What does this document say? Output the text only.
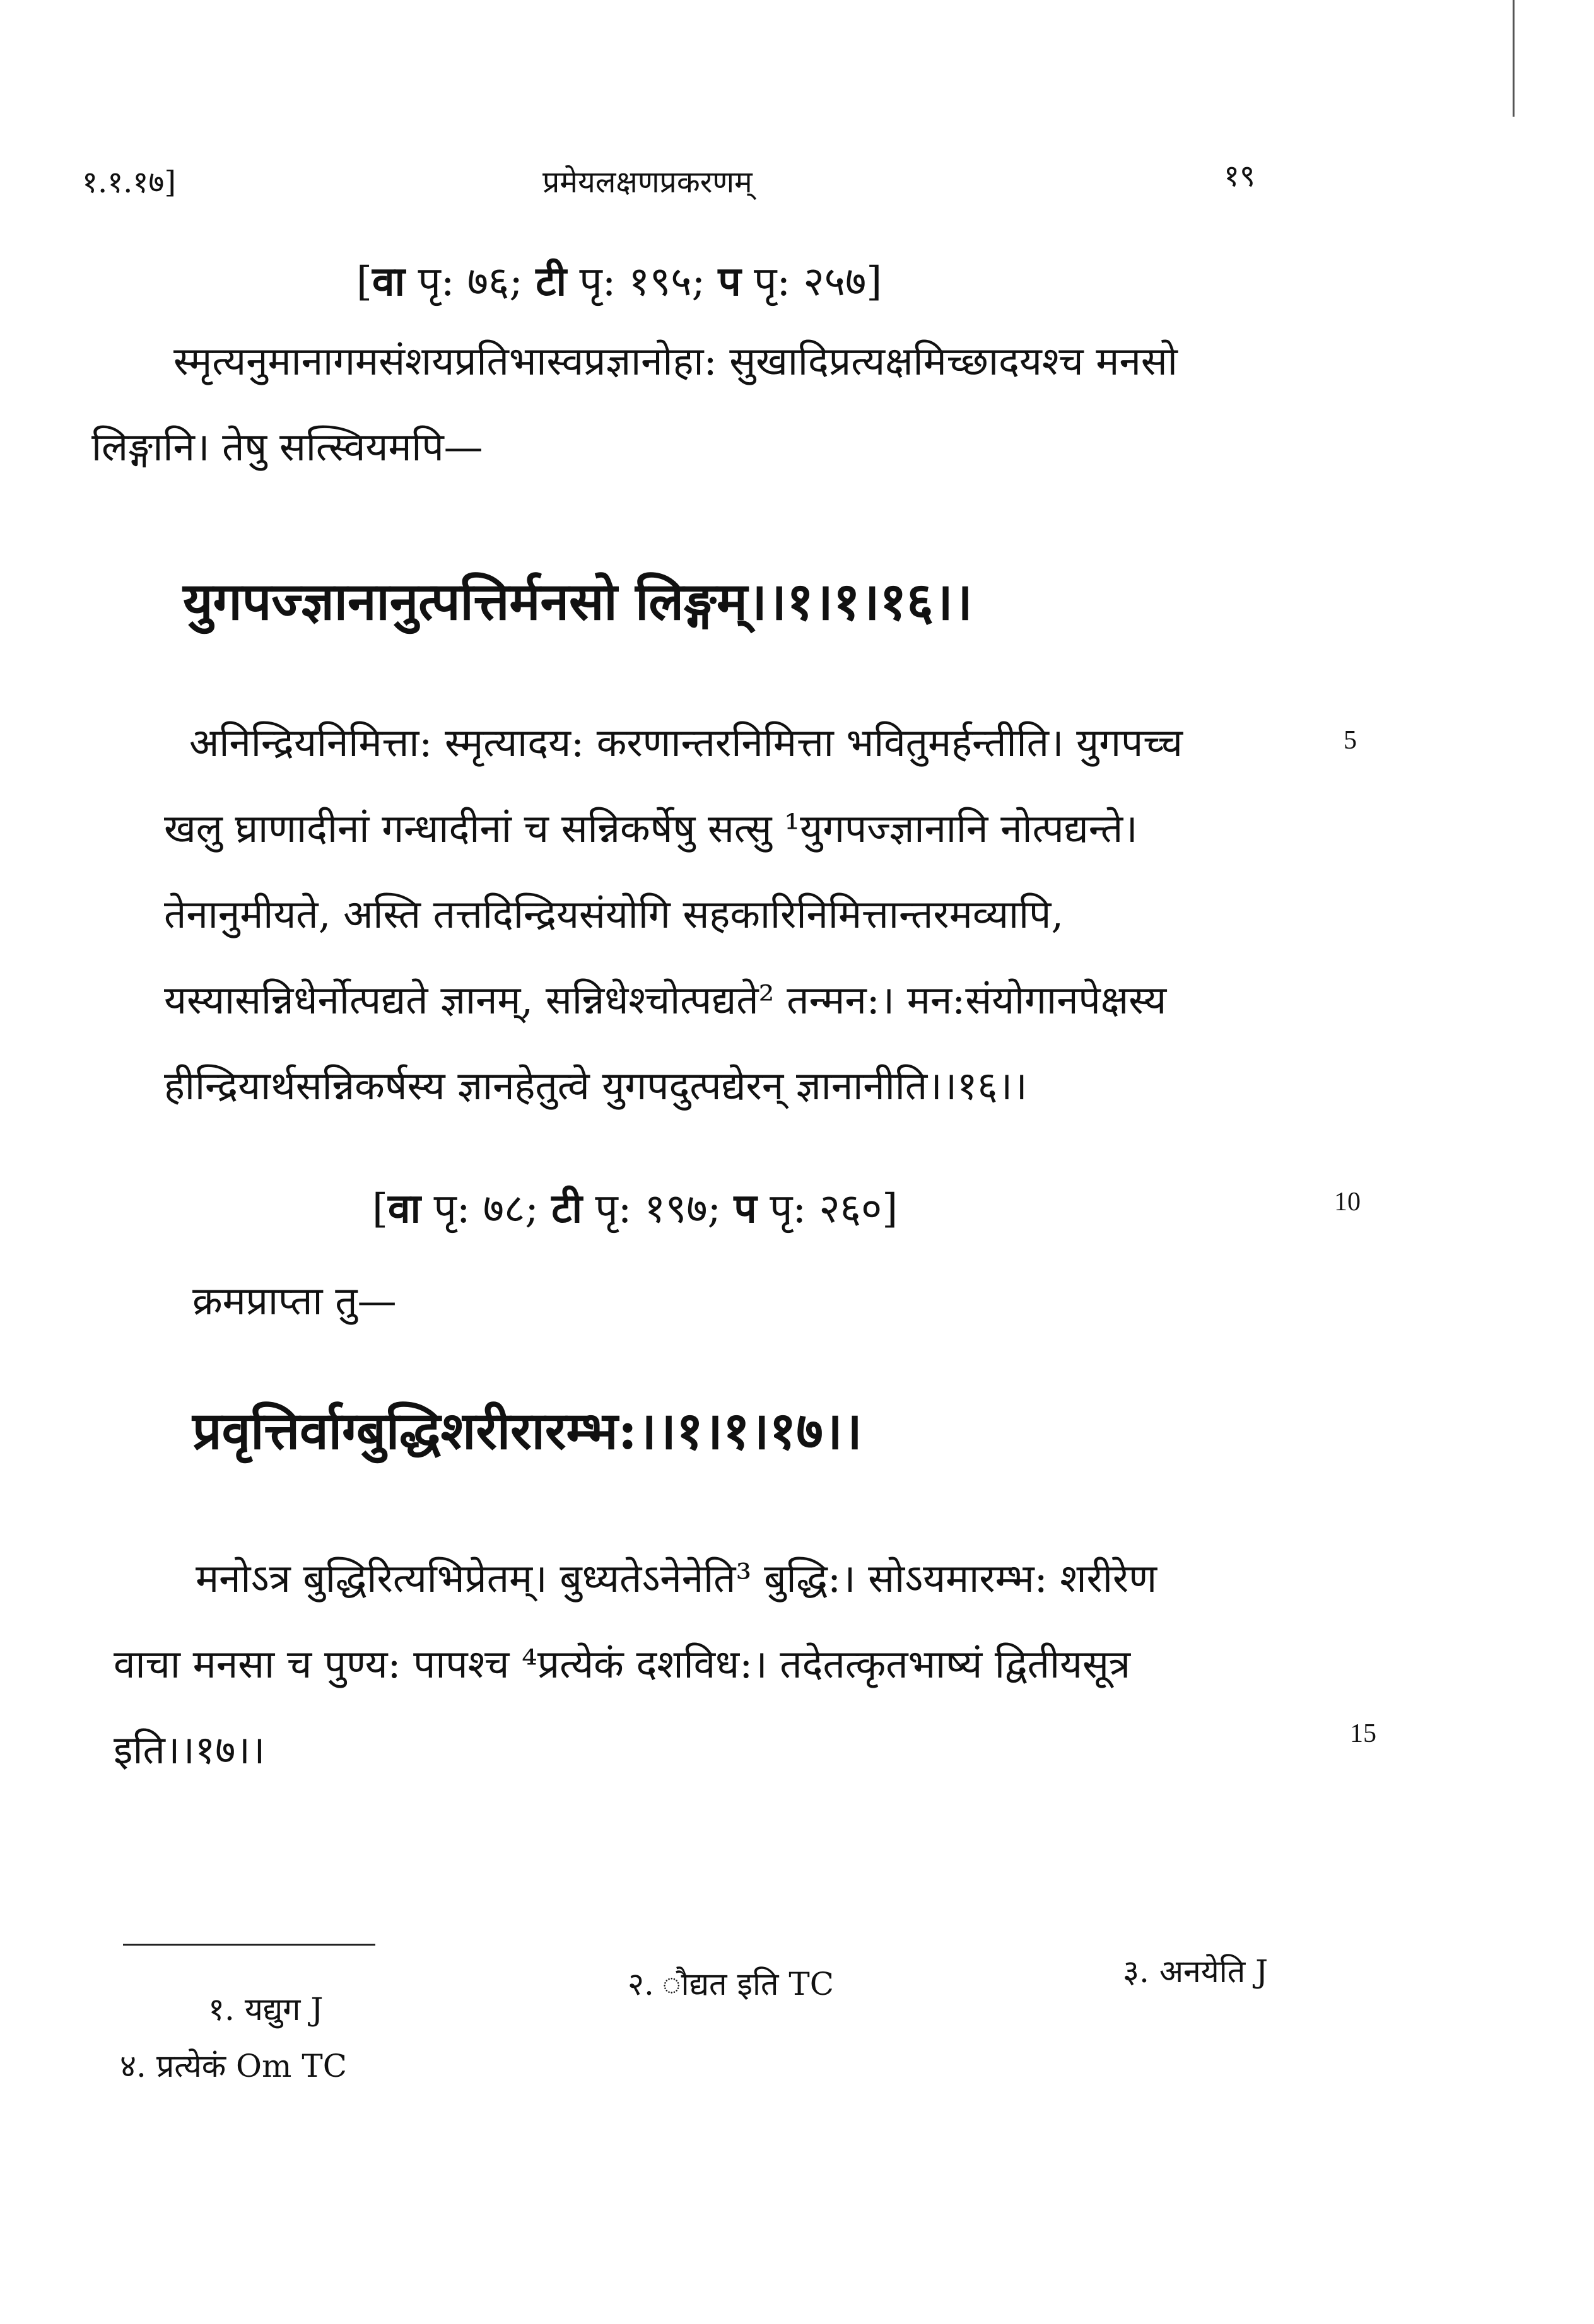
१.१.१७]	प्रमेयलक्षणप्रकरणम्	१९
[वा पृ: ७६; टी पृ: १९५; प पृ: २५७]

स्मृत्यनुमानागमसंशयप्रतिभास्वप्रज्ञानोहा: सुखादिप्रत्यक्षमिच्छादयश्च मनसो

लिङ्गानि। तेषु सत्स्वियमपि—

युगपज्ज्ञानानुत्पत्तिर्मनसो लिङ्गम्।।१।१।१६।।

अनिन्द्रियनिमित्ता: स्मृत्यादय: करणान्तरनिमित्ता भवितुमर्हन्तीति। युगपच्च

खलु घ्राणादीनां गन्धादीनां च सन्निकर्षेषु सत्सु ¹युगपज्ज्ञानानि नोत्पद्यन्ते।

तेनानुमीयते, अस्ति तत्तदिन्द्रियसंयोगि सहकारिनिमित्तान्तरमव्यापि,

यस्यासन्निधेर्नोत्पद्यते ज्ञानम्, सन्निधेश्चोत्पद्यते² तन्मन:। मन:संयोगानपेक्षस्य

हीन्द्रियार्थसन्निकर्षस्य ज्ञानहेतुत्वे युगपदुत्पद्येरन् ज्ञानानीति।।१६।।

5
[वा पृ: ७८; टी पृ: १९७; प पृ: २६०]	10
क्रमप्राप्ता तु—
प्रवृत्तिर्वाग्बुद्धिशरीरारम्भ:।।१।१।१७।।

मनोऽत्र बुद्धिरित्यभिप्रेतम्। बुध्यतेऽनेनेति³ बुद्धि:। सोऽयमारम्भ: शरीरेण

वाचा मनसा च पुण्य: पापश्च ⁴प्रत्येकं दशविध:। तदेतत्कृतभाष्यं द्वितीयसूत्र

इति।।१७।।	15
१. यद्युग J
२. ौद्यत इति TC	३. अनयेति J
४. प्रत्येकं Om TC
